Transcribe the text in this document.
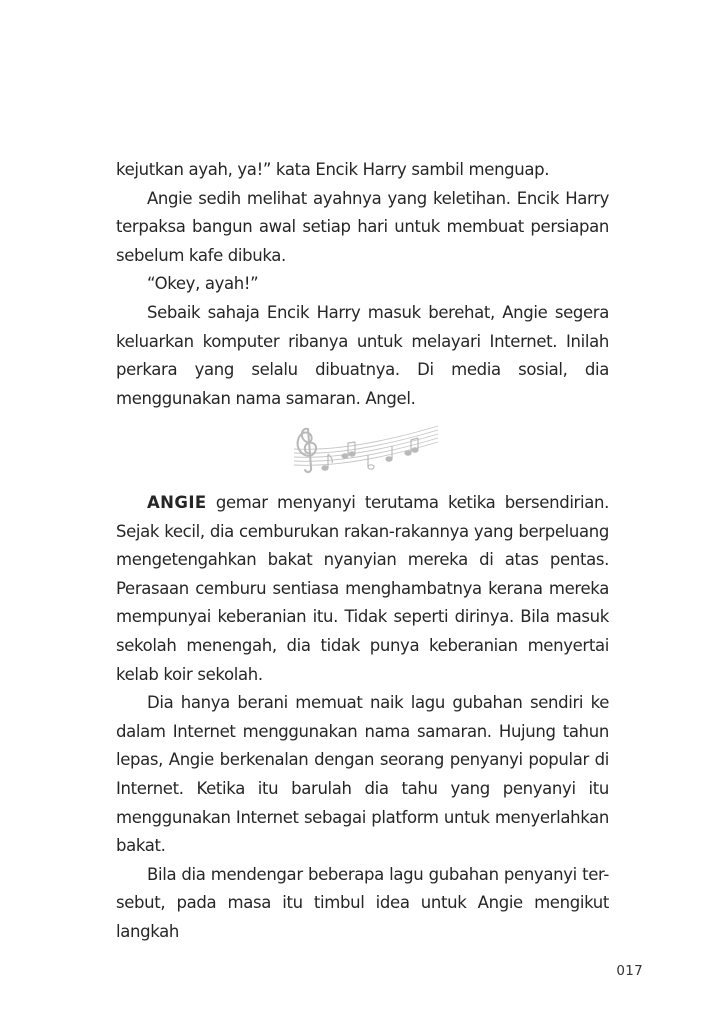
kejutkan ayah, ya!” kata Encik Harry sambil menguap.

Angie sedih melihat ayahnya yang keletihan. Encik Harry terpaksa bangun awal setiap hari untuk membuat persiapan sebelum kafe dibuka.

“Okey, ayah!”

Sebaik sahaja Encik Harry masuk berehat, Angie segera keluarkan komputer ribanya untuk melayari Internet. Inilah perkara yang selalu dibuatnya. Di media sosial, dia menggunakan nama samaran. Angel.

ANGIE gemar menyanyi terutama ketika bersendirian. Sejak kecil, dia cemburukan rakan-rakannya yang berpeluang mengetengahkan bakat nyanyian mereka di atas pentas. Perasaan cemburu sentiasa menghambatnya kerana mereka mempunyai keberanian itu. Tidak seperti dirinya. Bila masuk sekolah menengah, dia tidak punya keberanian menyertai kelab koir sekolah.

Dia hanya berani memuat naik lagu gubahan sendiri ke dalam Internet menggunakan nama samaran. Hujung tahun lepas, Angie berkenalan dengan seorang penyanyi popular di Internet. Ketika itu barulah dia tahu yang penyanyi itu menggunakan Internet sebagai platform untuk menyerlahkan bakat.

Bila dia mendengar beberapa lagu gubahan penyanyi ter-sebut, pada masa itu timbul idea untuk Angie mengikut langkah

017
